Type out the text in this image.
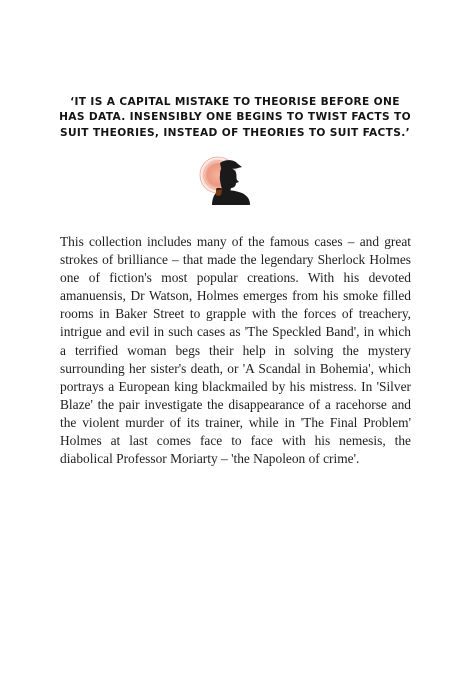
‘IT IS A CAPITAL MISTAKE TO THEORISE BEFORE ONE HAS DATA. INSENSIBLY ONE BEGINS TO TWIST FACTS TO SUIT THEORIES, INSTEAD OF THEORIES TO SUIT FACTS.’
This collection includes many of the famous cases – and great strokes of brilliance – that made the legendary Sherlock Holmes one of fiction's most popular creations. With his devoted amanuensis, Dr Watson, Holmes emerges from his smoke filled rooms in Baker Street to grapple with the forces of treachery, intrigue and evil in such cases as 'The Speckled Band', in which a terrified woman begs their help in solving the mystery surrounding her sister's death, or 'A Scandal in Bohemia', which portrays a European king blackmailed by his mistress. In 'Silver Blaze' the pair investigate the disappearance of a racehorse and the violent murder of its trainer, while in 'The Final Problem' Holmes at last comes face to face with his nemesis, the diabolical Professor Moriarty – 'the Napoleon of crime'.
